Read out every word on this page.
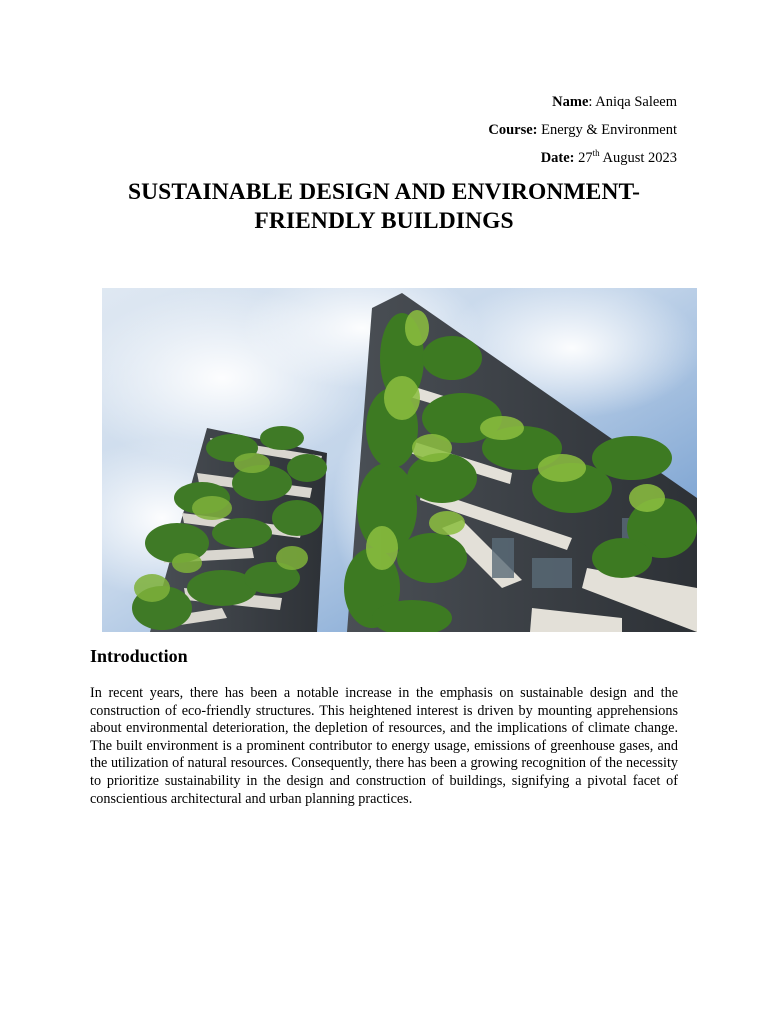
Name: Aniqa Saleem
Course: Energy & Environment
Date: 27th August 2023
SUSTAINABLE DESIGN AND ENVIRONMENT-
FRIENDLY BUILDINGS
Introduction
In recent years, there has been a notable increase in the emphasis on sustainable design and the construction of eco-friendly structures. This heightened interest is driven by mounting apprehensions about environmental deterioration, the depletion of resources, and the implications of climate change. The built environment is a prominent contributor to energy usage, emissions of greenhouse gases, and the utilization of natural resources. Consequently, there has been a growing recognition of the necessity to prioritize sustainability in the design and construction of buildings, signifying a pivotal facet of conscientious architectural and urban planning practices.
